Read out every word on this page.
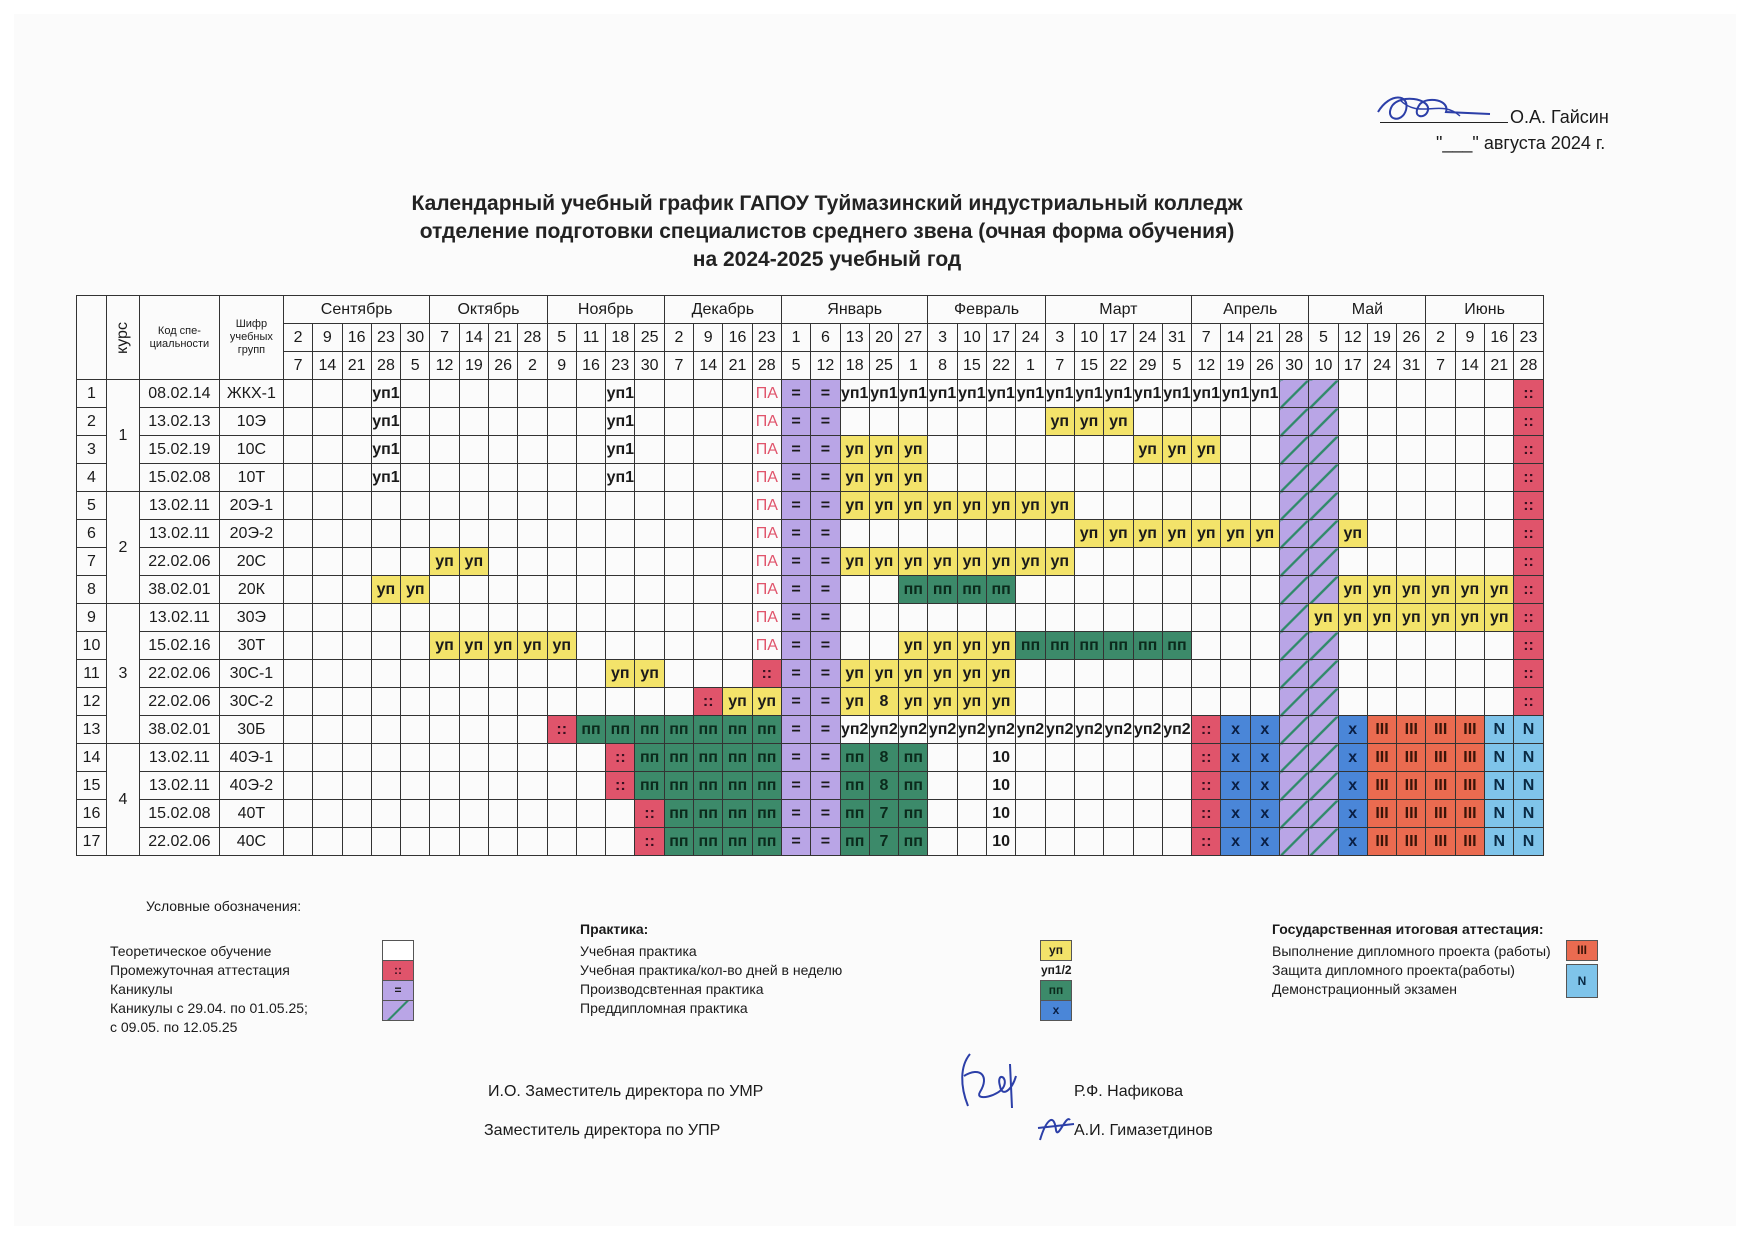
О.А. Гайсин
"___" августа 2024 г.
Календарный учебный график ГАПОУ Туймазинский индустриальный колледж
отделение подготовки специалистов среднего звена (очная форма обучения)
на 2024-2025 учебный год
	курс	Код спе-циальности	Шифр учебных групп	Сентябрь					Октябрь				Ноябрь				Декабрь				Январь					Февраль				Март					Апрель				Май				Июнь			
				2	9	16	23	30	7	14	21	28	5	11	18	25	2	9	16	23	1	6	13	20	27	3	10	17	24	3	10	17	24	31	7	14	21	28	5	12	19	26	2	9	16	23
				7	14	21	28	5	12	19	26	2	9	16	23	30	7	14	21	28	5	12	18	25	1	8	15	22	1	7	15	22	29	5	12	19	26	30	10	17	24	31	7	14	21	28
1	1	08.02.14	ЖКХ-1				уп1								уп1					ПА	=	=	уп1	уп1	уп1	уп1	уп1	уп1	уп1	уп1	уп1	уп1	уп1	уп1	уп1	уп1	уп1									::
2		13.02.13	10Э				уп1								уп1					ПА	=	=								уп	уп	уп														::
3		15.02.19	10С				уп1								уп1					ПА	=	=	уп	уп	уп								уп	уп	уп											::
4		15.02.08	10Т				уп1								уп1					ПА	=	=	уп	уп	уп																					::
5	2	13.02.11	20Э-1																	ПА	=	=	уп	уп	уп	уп	уп	уп	уп	уп																::
6		13.02.11	20Э-2																	ПА	=	=									уп	уп	уп	уп	уп	уп	уп			уп						::
7		22.02.06	20С						уп	уп										ПА	=	=	уп	уп	уп	уп	уп	уп	уп	уп																::
8		38.02.01	20К				уп	уп												ПА	=	=			пп	пп	пп	пп												уп	уп	уп	уп	уп	уп	::
9	3	13.02.11	30Э																	ПА	=	=																	уп	уп	уп	уп	уп	уп	уп	::
10		15.02.16	30Т						уп	уп	уп	уп	уп							ПА	=	=			уп	уп	уп	уп	пп	пп	пп	пп	пп	пп												::
11		22.02.06	30С-1												уп	уп				::	=	=	уп	уп	уп	уп	уп	уп																		::
12		22.02.06	30С-2															::	уп	уп	=	=	уп	8	уп	уп	уп	уп																		::
13		38.02.01	30Б										::	пп	пп	пп	пп	пп	пп	пп	=	=	уп2	уп2	уп2	уп2	уп2	уп2	уп2	уп2	уп2	уп2	уп2	уп2	::	x	x			x	III	III	III	III	N	N
14	4	13.02.11	40Э-1												::	пп	пп	пп	пп	пп	=	=	пп	8	пп			10							::	x	x			x	III	III	III	III	N	N
15		13.02.11	40Э-2												::	пп	пп	пп	пп	пп	=	=	пп	8	пп			10							::	x	x			x	III	III	III	III	N	N
16		15.02.08	40Т													::	пп	пп	пп	пп	=	=	пп	7	пп			10							::	x	x			x	III	III	III	III	N	N
17		22.02.06	40С													::	пп	пп	пп	пп	=	=	пп	7	пп			10							::	x	x			x	III	III	III	III	N	N
Условные обозначения:
Теоретическое обучение
Промежуточная аттестация
Каникулы
Каникулы с 29.04. по 01.05.25;
с 09.05. по 12.05.25
::
=
Практика:
Учебная практика
Учебная практика/кол-во дней в неделю
Производсвтенная практика
Преддипломная практика
уп
уп1/2
пп
x
Государственная итоговая аттестация:
Выполнение дипломного проекта (работы)
Защита дипломного проекта(работы)
Демонстрационный экзамен
III
N
И.О. Заместитель директора по УМР	Р.Ф. Нафикова
Заместитель директора по УПР	А.И. Гимазетдинов
